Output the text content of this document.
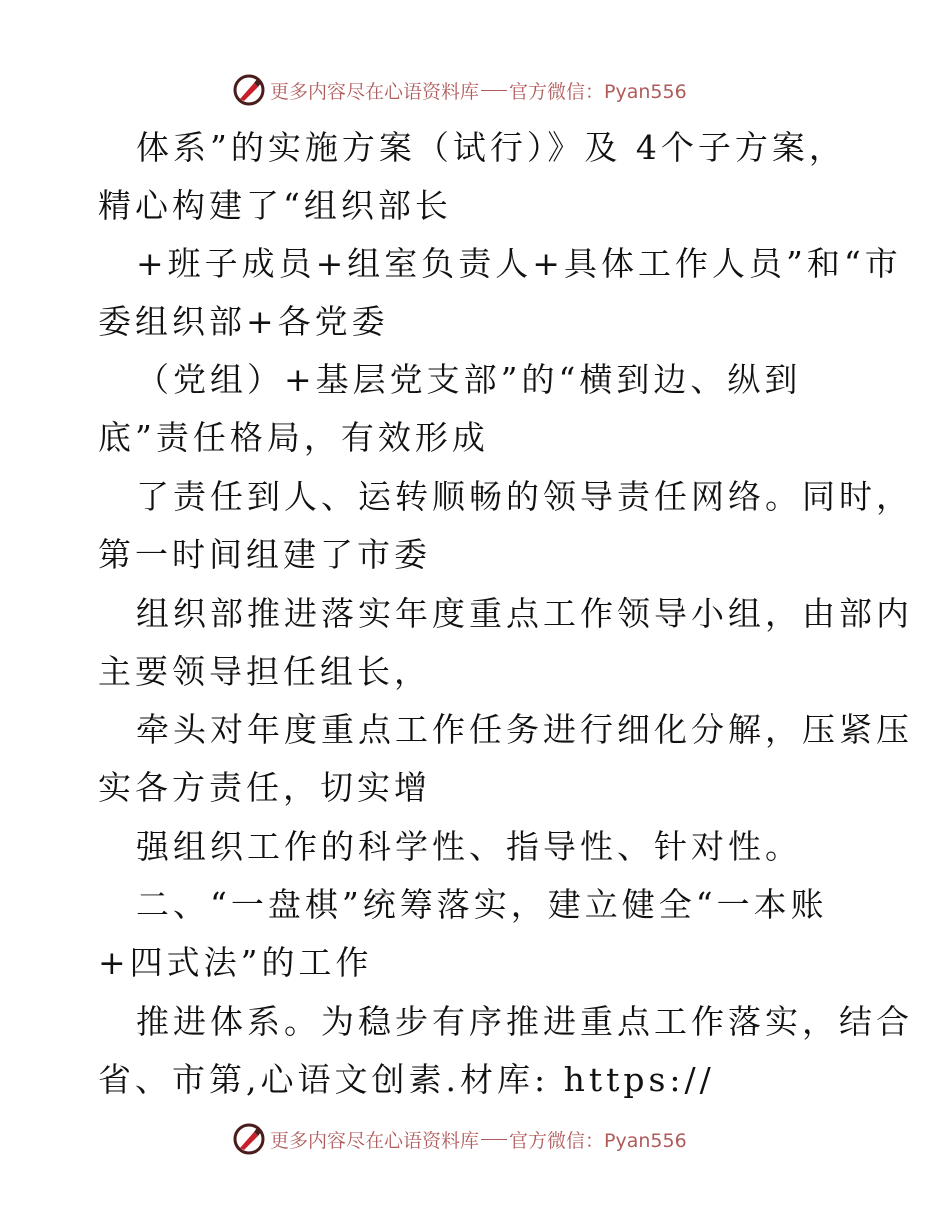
更多内容尽在心语资料库 官方微信：Pyan556
体系”的实施方案（试行）》及 4个子方案，
精心构建了“组织部长
+班子成员+组室负责人+具体工作人员”和“市
委组织部+各党委
（党组）+基层党支部”的“横到边、纵到
底”责任格局，有效形成
了责任到人、运转顺畅的领导责任网络。同时，
第一时间组建了市委
组织部推进落实年度重点工作领导小组，由部内
主要领导担任组长，
牵头对年度重点工作任务进行细化分解，压紧压
实各方责任，切实增
强组织工作的科学性、指导性、针对性。
二、“一盘棋”统筹落实，建立健全“一本账
+四式法”的工作
推进体系。为稳步有序推进重点工作落实，结合
省、市第,心语文创素.材库: https://
更多内容尽在心语资料库 官方微信：Pyan556
